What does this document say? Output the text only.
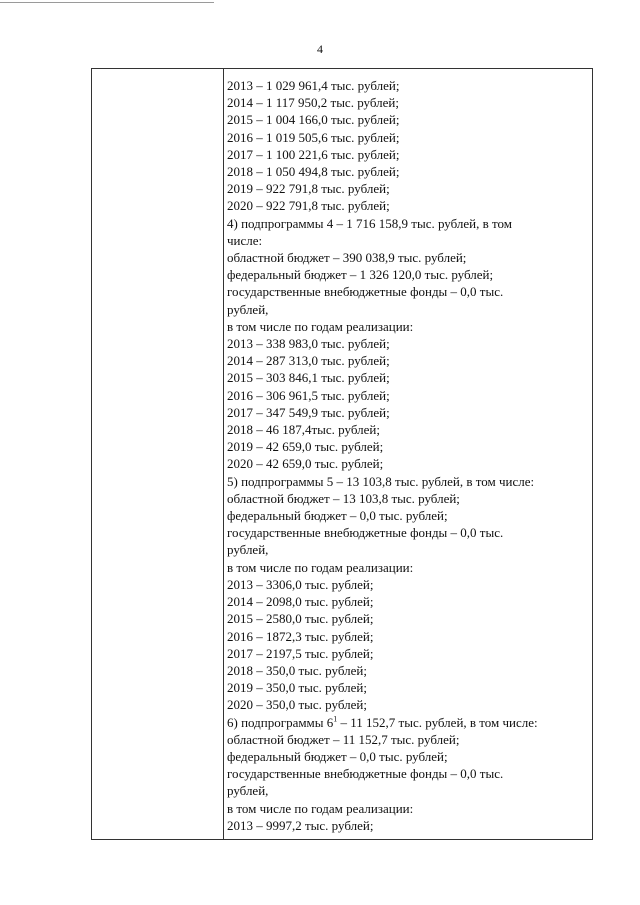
4
2013 – 1 029 961,4 тыс. рублей;
2014 – 1 117 950,2 тыс. рублей;
2015 – 1 004 166,0 тыс. рублей;
2016 – 1 019 505,6 тыс. рублей;
2017 – 1 100 221,6 тыс. рублей;
2018 – 1 050 494,8 тыс. рублей;
2019 – 922 791,8 тыс. рублей;
2020 – 922 791,8 тыс. рублей;
4) подпрограммы 4 – 1 716 158,9 тыс. рублей, в том
числе:
областной бюджет – 390 038,9 тыс. рублей;
федеральный бюджет – 1 326 120,0 тыс. рублей;
государственные внебюджетные фонды – 0,0 тыс.
рублей,
в том числе по годам реализации:
2013 – 338 983,0 тыс. рублей;
2014 – 287 313,0 тыс. рублей;
2015 – 303 846,1 тыс. рублей;
2016 – 306 961,5 тыс. рублей;
2017 – 347 549,9 тыс. рублей;
2018 – 46 187,4тыс. рублей;
2019 – 42 659,0 тыс. рублей;
2020 – 42 659,0 тыс. рублей;
5) подпрограммы 5 – 13 103,8 тыс. рублей, в том числе:
областной бюджет – 13 103,8 тыс. рублей;
федеральный бюджет – 0,0 тыс. рублей;
государственные внебюджетные фонды – 0,0 тыс.
рублей,
в том числе по годам реализации:
2013 – 3306,0 тыс. рублей;
2014 – 2098,0 тыс. рублей;
2015 – 2580,0 тыс. рублей;
2016 – 1872,3 тыс. рублей;
2017 – 2197,5 тыс. рублей;
2018 – 350,0 тыс. рублей;
2019 – 350,0 тыс. рублей;
2020 – 350,0 тыс. рублей;
6) подпрограммы $6^1 - 11$ 152,7 тыс. рублей, в том числе:
областной бюджет – 11 152,7 тыс. рублей;
федеральный бюджет – 0,0 тыс. рублей;
государственные внебюджетные фонды – 0,0 тыс.
рублей,
в том числе по годам реализации:
2013 – 9997,2 тыс. рублей;
